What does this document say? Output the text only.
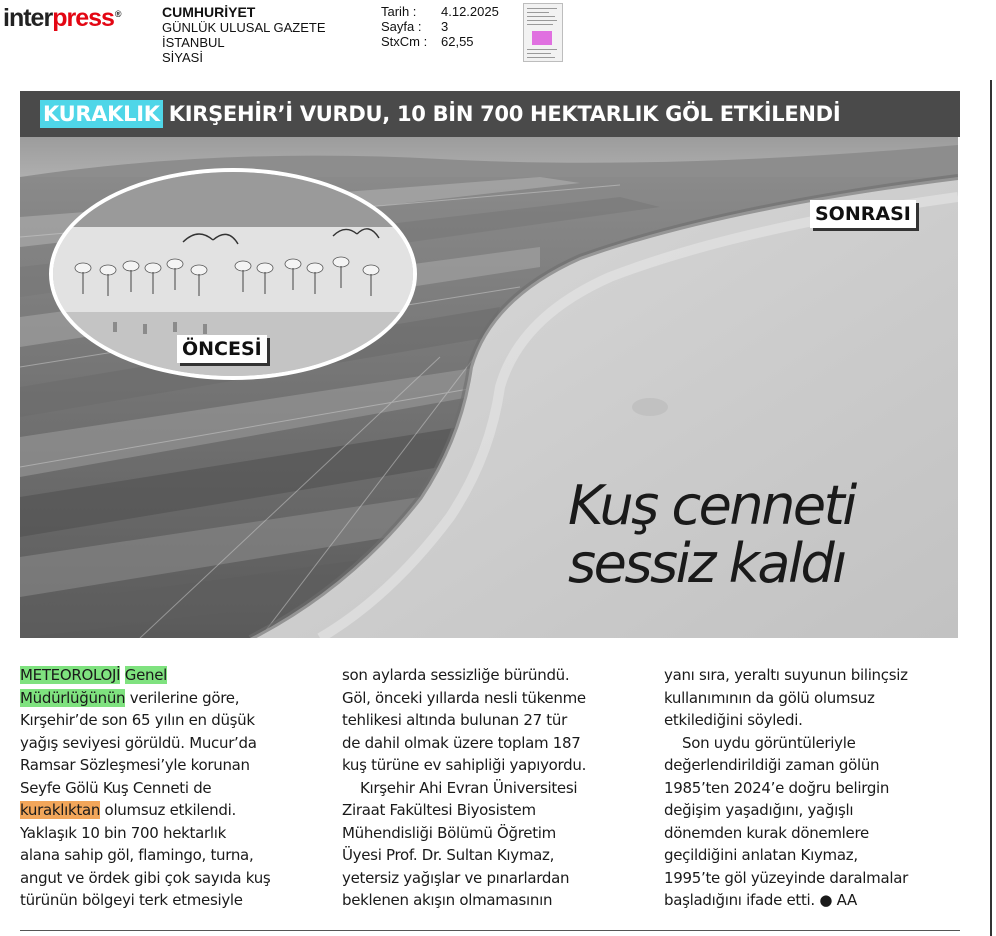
interpress®	CUMHURİYET
GÜNLÜK ULUSAL GAZETE
İSTANBUL
SİYASİ
Tarih :	4.12.2025
Sayfa :	3
StxCm :	62,55
KURAKLIK KIRŞEHİR’İ VURDU, 10 BİN 700 HEKTARLIK GÖL ETKİLENDİ
SONRASI
ÖNCESİ
Kuş cenneti
sessiz kaldı
METEOROLOJİ Genel
Müdürlüğünün verilerine göre,
Kırşehir’de son 65 yılın en düşük
yağış seviyesi görüldü. Mucur’da
Ramsar Sözleşmesi’yle korunan
Seyfe Gölü Kuş Cenneti de
kuraklıktan olumsuz etkilendi.
Yaklaşık 10 bin 700 hektarlık
alana sahip göl, flamingo, turna,
angut ve ördek gibi çok sayıda kuş
türünün bölgeyi terk etmesiyle
son aylarda sessizliğe büründü.
Göl, önceki yıllarda nesli tükenme
tehlikesi altında bulunan 27 tür
de dahil olmak üzere toplam 187
kuş türüne ev sahipliği yapıyordu.
Kırşehir Ahi Evran Üniversitesi
Ziraat Fakültesi Biyosistem
Mühendisliği Bölümü Öğretim
Üyesi Prof. Dr. Sultan Kıymaz,
yetersiz yağışlar ve pınarlardan
beklenen akışın olmamasının
yanı sıra, yeraltı suyunun bilinçsiz
kullanımının da gölü olumsuz
etkilediğini söyledi.
Son uydu görüntüleriyle
değerlendirildiği zaman gölün
1985’ten 2024’e doğru belirgin
değişim yaşadığını, yağışlı
dönemden kurak dönemlere
geçildiğini anlatan Kıymaz,
1995’te göl yüzeyinde daralmalar
başladığını ifade etti. ● AA
